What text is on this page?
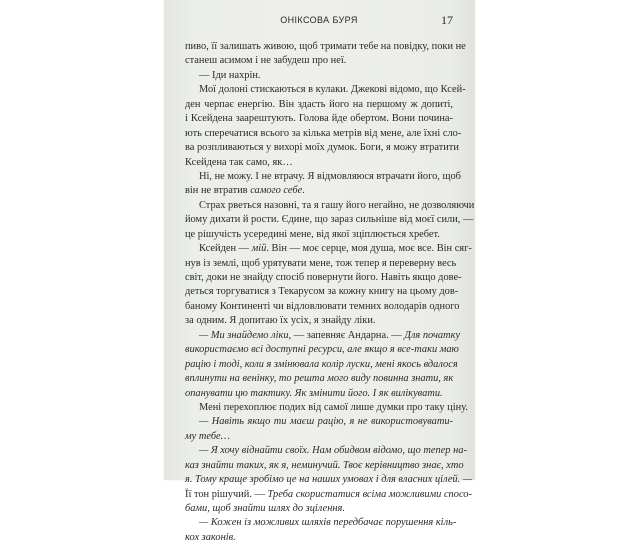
ОНІКСОВА БУРЯ	17
пиво, її залишать живою, щоб тримати тебе на повідку, поки не
станеш асимом і не забудеш про неї.
— Іди нахрін.
Мої долоні стискаються в кулаки. Джекові відомо, що Ксей-
ден черпає енергію. Він здасть його на першому ж допиті,
і Ксейдена заарештують. Голова йде обертом. Вони починa-
ють сперечатися всього за кілька метрів від мене, але їхні сло-
ва розпливаються у вихорі моїх думок. Боги, я можу втратити
Ксейдена так само, як…
Ні, не можу. І не втрачу. Я відмовляюся втрачати його, щоб
він не втратив самого себе.
Страх рветься назовні, та я гашу його негайно, не дозволяючи
йому дихати й рости. Єдине, що зараз сильніше від моєї сили, —
це рішучість усередині мене, від якої зціплюється хребет.
Ксейден — мій. Він — моє серце, моя душа, моє все. Він сяг-
нув із землі, щоб урятувати мене, тож тепер я переверну весь
світ, доки не знайду спосіб повернути його. Навіть якщо дове-
деться торгуватися з Текарусом за кожну книгу на цьому дов-
баному Континенті чи відловлювати темних володарів одного
за одним. Я допитаю їх усіх, я знайду ліки.
— Ми знайдемо ліки, — запевняє Андарна. — Для початку
використаємо всі доступні ресурси, але якщо я все-таки маю
рацію і тоді, коли я змінювала колір луски, мені якось вдалося
вплинути на венінку, то решта мого виду повинна знати, як
опанувати цю тактику. Як змінити його. І як вилікувати.
Мені перехоплює подих від самої лише думки про таку ціну.
— Навіть якщо ти маєш рацію, я не використовувати-
му тебе…
— Я хочу віднайти своїх. Нам обидвом відомо, що тепер на-
каз знайти таких, як я, неминучий. Твоє керівництво знає, хто
я. Тому краще зробімо це на наших умовах і для власних цілей. —
Її тон рішучий. — Треба скористатися всіма можливими спосо-
бами, щоб знайти шлях до зцілення.
— Кожен із можливих шляхів передбачає порушення кіль-
кох законів.
